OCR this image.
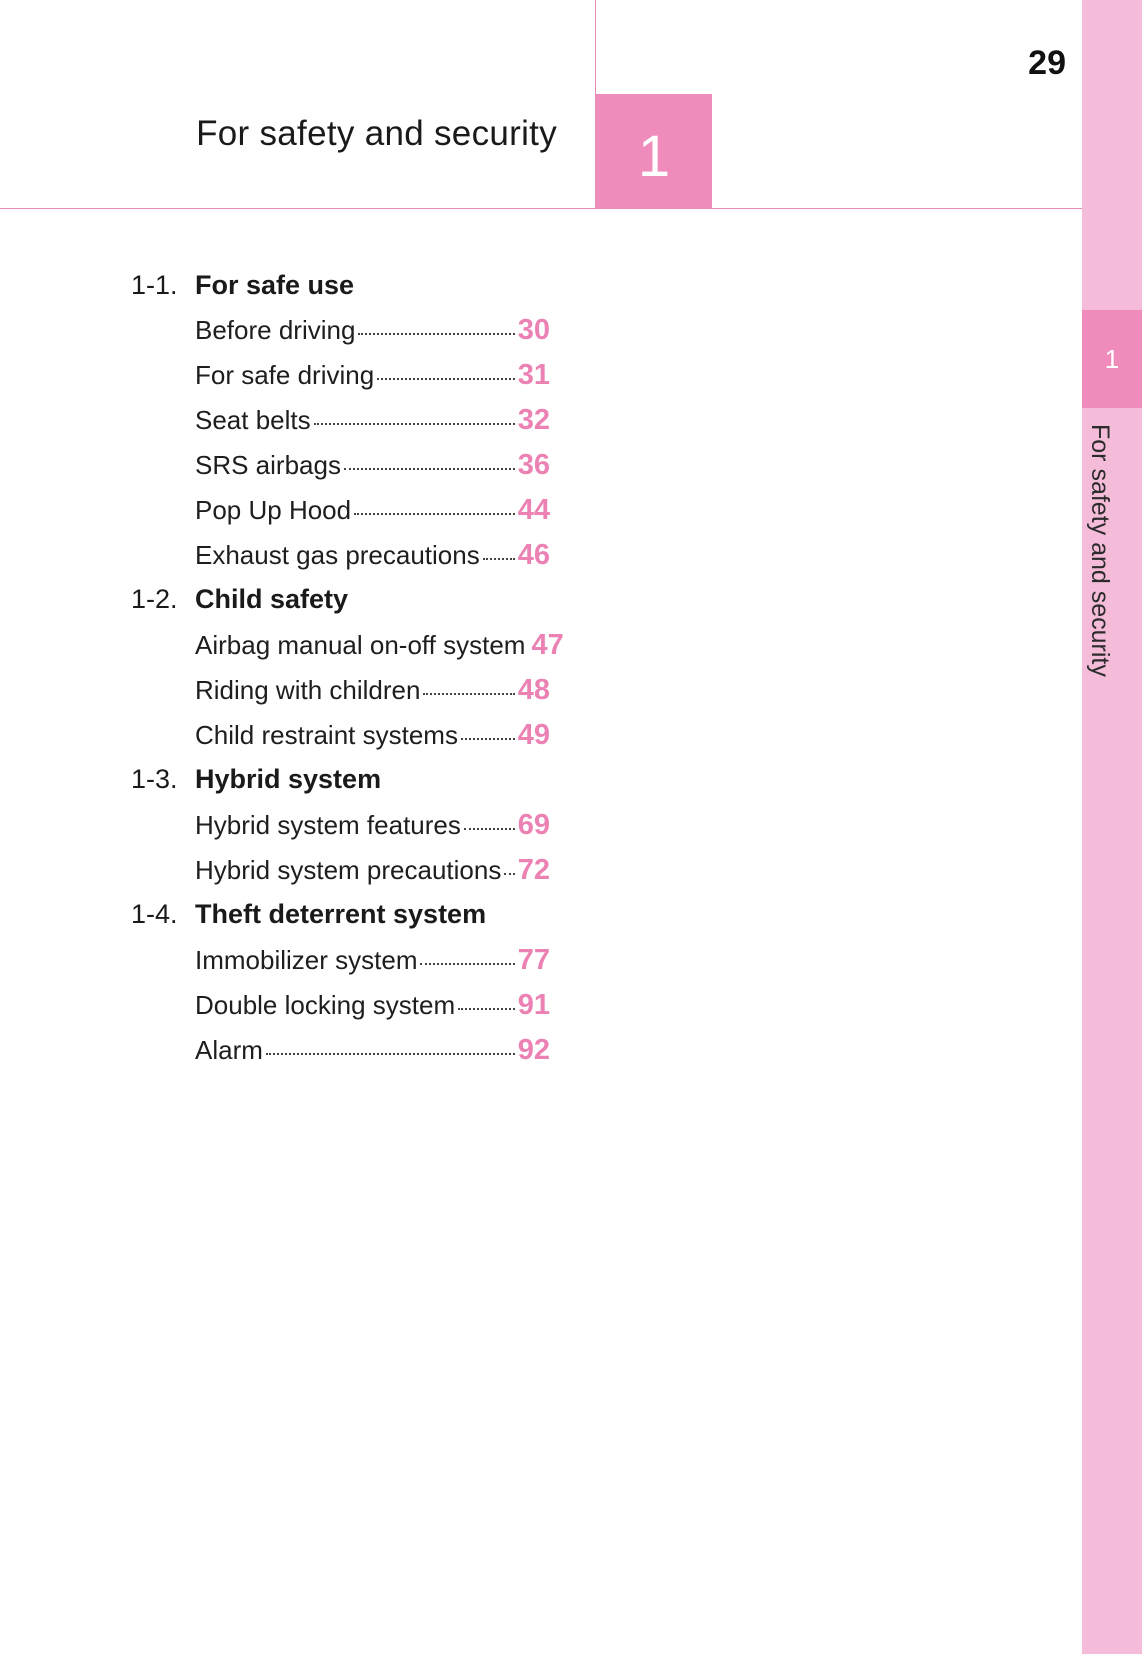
For safety and security 1
29
1
For safety and security
1-1. For safe use
Before driving	30
For safe driving	31
Seat belts	32
SRS airbags	36
Pop Up Hood	44
Exhaust gas precautions 46
1-2. Child safety
Airbag manual on-off system 47
Riding with children	48
Child restraint systems 49
1-3. Hybrid system
Hybrid system features 69
Hybrid system precautions 72
1-4. Theft deterrent system
Immobilizer system	77
Double locking system 91
Alarm	92
